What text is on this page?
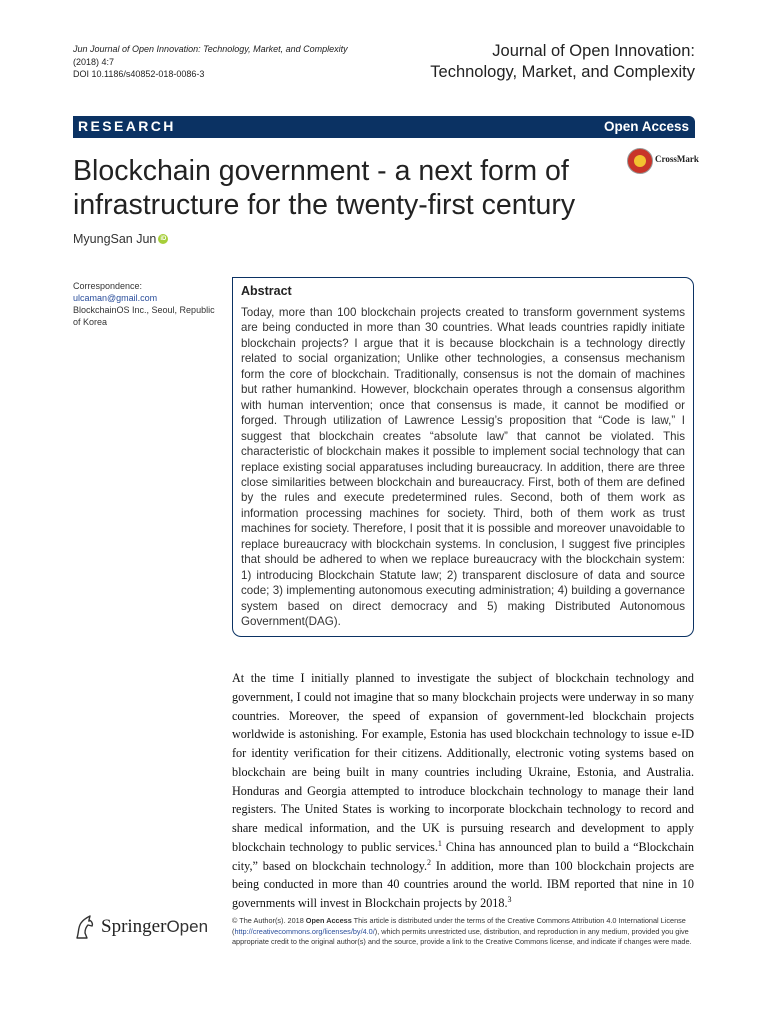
Jun Journal of Open Innovation: Technology, Market, and Complexity
(2018) 4:7
DOI 10.1186/s40852-018-0086-3
Journal of Open Innovation:
Technology, Market, and Complexity
RESEARCH	Open Access
Blockchain government - a next form of infrastructure for the twenty-first century
CrossMark
MyungSan Jun iD
Correspondence: ulcaman@gmail.com
BlockchainOS Inc., Seoul, Republic of Korea
Abstract
Today, more than 100 blockchain projects created to transform government systems are being conducted in more than 30 countries. What leads countries rapidly initiate blockchain projects? I argue that it is because blockchain is a technology directly related to social organization; Unlike other technologies, a consensus mechanism form the core of blockchain. Traditionally, consensus is not the domain of machines but rather humankind. However, blockchain operates through a consensus algorithm with human intervention; once that consensus is made, it cannot be modified or forged. Through utilization of Lawrence Lessig’s proposition that “Code is law,” I suggest that blockchain creates “absolute law” that cannot be violated. This characteristic of blockchain makes it possible to implement social technology that can replace existing social apparatuses including bureaucracy. In addition, there are three close similarities between blockchain and bureaucracy. First, both of them are defined by the rules and execute predetermined rules. Second, both of them work as information processing machines for society. Third, both of them work as trust machines for society. Therefore, I posit that it is possible and moreover unavoidable to replace bureaucracy with blockchain systems. In conclusion, I suggest five principles that should be adhered to when we replace bureaucracy with the blockchain system: 1) introducing Blockchain Statute law; 2) transparent disclosure of data and source code; 3) implementing autonomous executing administration; 4) building a governance system based on direct democracy and 5) making Distributed Autonomous Government(DAG).
At the time I initially planned to investigate the subject of blockchain technology and government, I could not imagine that so many blockchain projects were underway in so many countries. Moreover, the speed of expansion of government-led blockchain projects worldwide is astonishing. For example, Estonia has used blockchain technology to issue e-ID for identity verification for their citizens. Additionally, electronic voting systems based on blockchain are being built in many countries including Ukraine, Estonia, and Australia. Honduras and Georgia attempted to introduce blockchain technology to manage their land registers. The United States is working to incorporate blockchain technology to record and share medical information, and the UK is pursuing research and development to apply blockchain technology to public services.$^1$ China has announced plan to build a “Blockchain city,” based on blockchain technology.$^2$ In addition, more than 100 blockchain projects are being conducted in more than 40 countries around the world. IBM reported that nine in 10 governments will invest in Blockchain projects by 2018.$^3$
SpringerOpen	© The Author(s). 2018 Open Access This article is distributed under the terms of the Creative Commons Attribution 4.0 International License (http://creativecommons.org/licenses/by/4.0/), which permits unrestricted use, distribution, and reproduction in any medium, provided you give appropriate credit to the original author(s) and the source, provide a link to the Creative Commons license, and indicate if changes were made.
